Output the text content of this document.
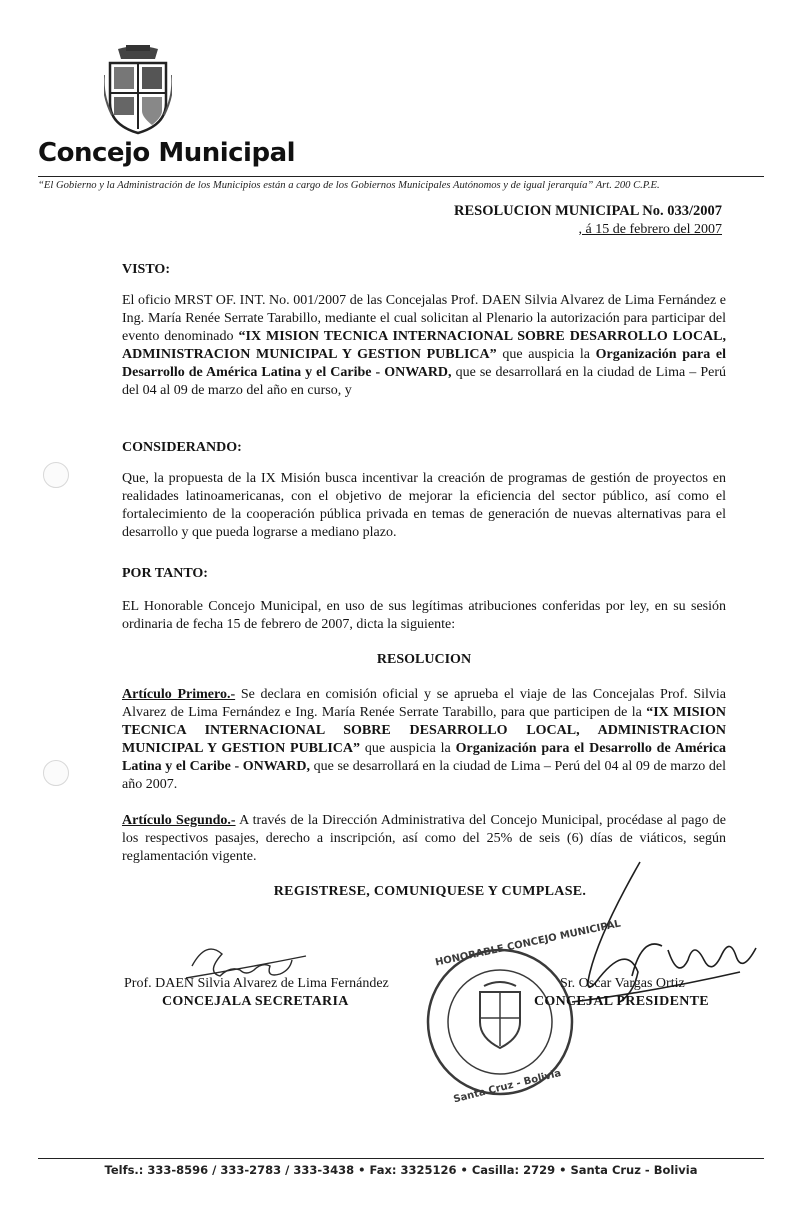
Concejo Municipal
“El Gobierno y la Administración de los Municipios están a cargo de los Gobiernos Municipales Autónomos y de igual jerarquía” Art. 200 C.P.E.
RESOLUCION MUNICIPAL No. 033/2007
, á 15 de febrero del 2007
VISTO:
El oficio MRST OF. INT. No. 001/2007 de las Concejalas Prof. DAEN Silvia Alvarez de Lima Fernández e Ing. María Renée Serrate Tarabillo, mediante el cual solicitan al Plenario la autorización para participar del evento denominado “IX MISION TECNICA INTERNACIONAL SOBRE DESARROLLO LOCAL, ADMINISTRACION MUNICIPAL Y GESTION PUBLICA” que auspicia la Organización para el Desarrollo de América Latina y el Caribe - ONWARD, que se desarrollará en la ciudad de Lima – Perú del 04 al 09 de marzo del año en curso, y
CONSIDERANDO:
Que, la propuesta de la IX Misión busca incentivar la creación de programas de gestión de proyectos en realidades latinoamericanas, con el objetivo de mejorar la eficiencia del sector público, así como el fortalecimiento de la cooperación pública privada en temas de generación de nuevas alternativas para el desarrollo y que pueda lograrse a mediano plazo.
POR TANTO:
EL Honorable Concejo Municipal, en uso de sus legítimas atribuciones conferidas por ley, en su sesión ordinaria de fecha 15 de febrero de 2007, dicta la siguiente:
RESOLUCION
Artículo Primero.- Se declara en comisión oficial y se aprueba el viaje de las Concejalas Prof. Silvia Alvarez de Lima Fernández e Ing. María Renée Serrate Tarabillo, para que participen de la “IX MISION TECNICA INTERNACIONAL SOBRE DESARROLLO LOCAL, ADMINISTRACION MUNICIPAL Y GESTION PUBLICA” que auspicia la Organización para el Desarrollo de América Latina y el Caribe - ONWARD, que se desarrollará en la ciudad de Lima – Perú del 04 al 09 de marzo del año 2007.
Artículo Segundo.- A través de la Dirección Administrativa del Concejo Municipal, procédase al pago de los respectivos pasajes, derecho a inscripción, así como del 25% de seis (6) días de viáticos, según reglamentación vigente.
REGISTRESE, COMUNIQUESE Y CUMPLASE.
HONORABLE CONCEJO MUNICIPAL
Santa Cruz - Bolivia
Prof. DAEN Silvia Alvarez de Lima Fernández
CONCEJALA SECRETARIA
Sr. Oscar Vargas Ortiz
CONCEJAL PRESIDENTE
Telfs.: 333-8596 / 333-2783 / 333-3438 • Fax: 3325126 • Casilla: 2729 • Santa Cruz - Bolivia
